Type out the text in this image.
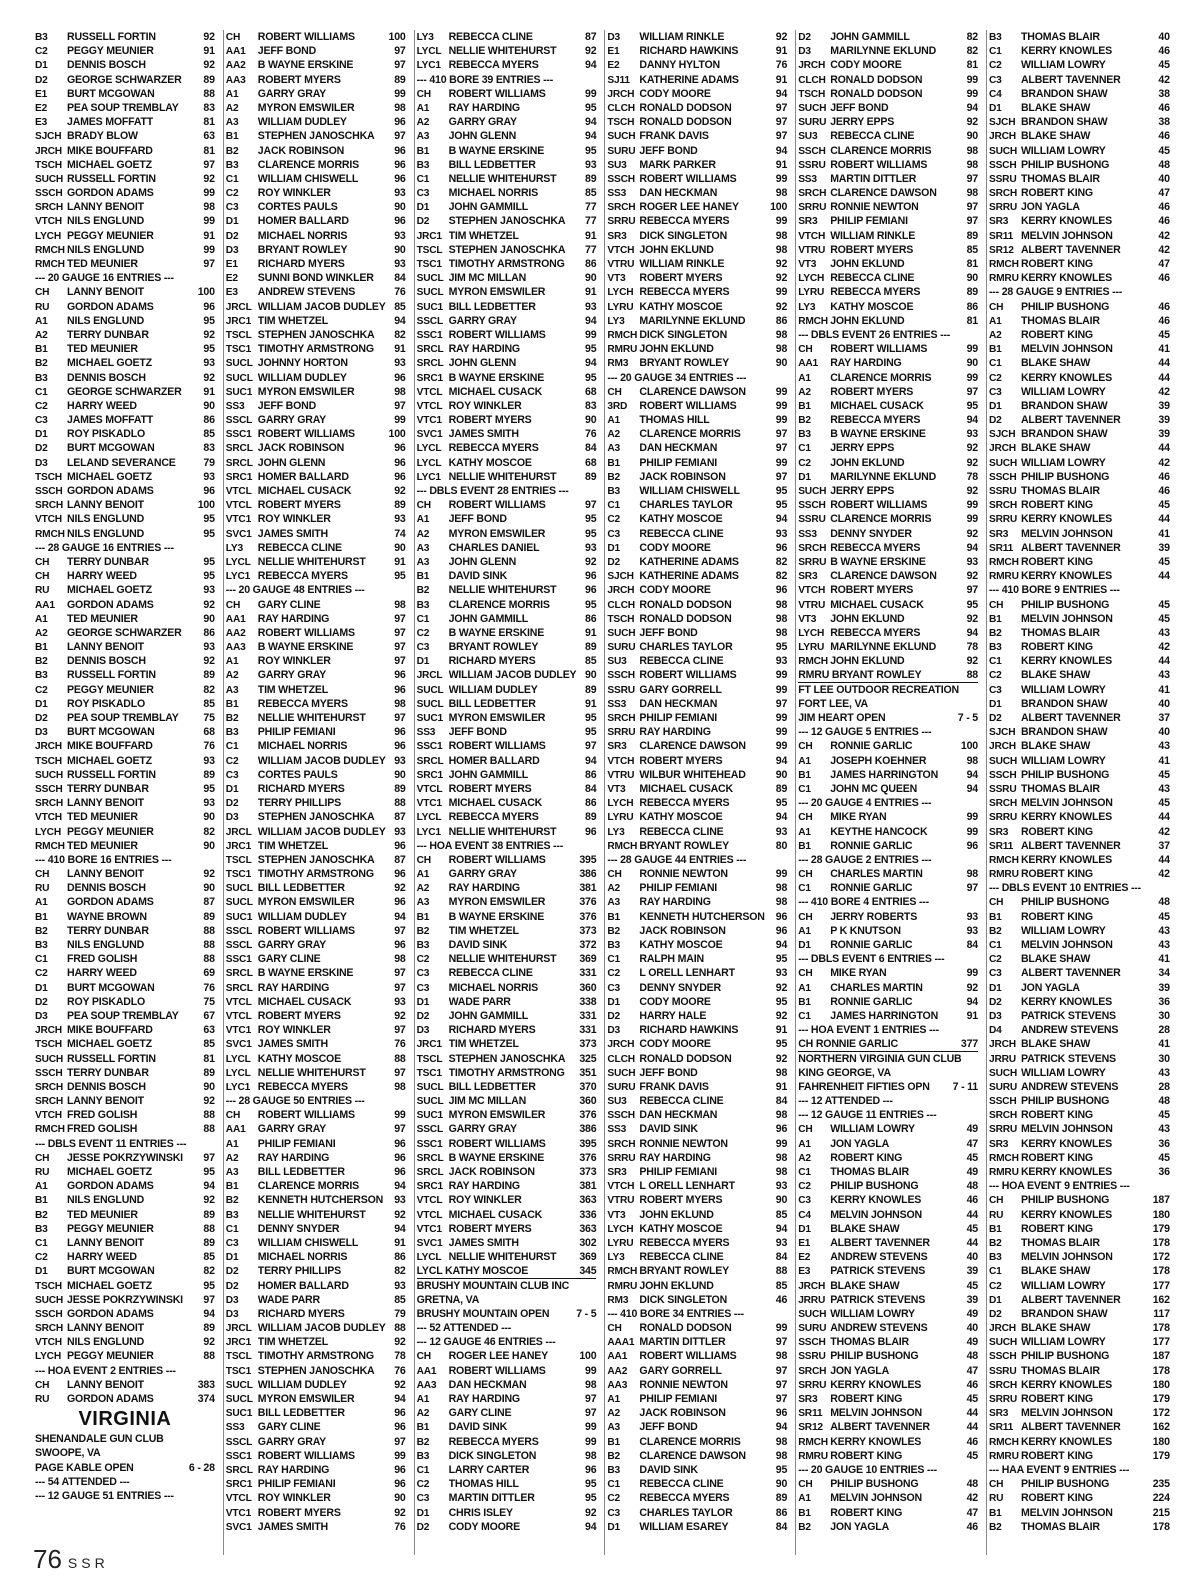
B3	RUSSELL FORTIN	92
C2	PEGGY MEUNIER	91
D1	DENNIS BOSCH	92
D2	GEORGE SCHWARZER	89
E1	BURT MCGOWAN	88
E2	PEA SOUP TREMBLAY	83
E3	JAMES MOFFATT	81
SJCH BRADY BLOW	63
JRCH MIKE BOUFFARD	81
TSCH MICHAEL GOETZ	97
SUCH RUSSELL FORTIN	92
SSCH GORDON ADAMS	99
SRCH LANNY BENOIT	98
VTCH NILS ENGLUND	99
LYCH PEGGY MEUNIER	91
RMCH NILS ENGLUND	99
RMCH TED MEUNIER	97
--- 20 GAUGE 16 ENTRIES ---
CH	LANNY BENOIT	100
RU	GORDON ADAMS	96
A1	NILS ENGLUND	95
A2	TERRY DUNBAR	92
B1	TED MEUNIER	95
B2	MICHAEL GOETZ	93
B3	DENNIS BOSCH	92
C1	GEORGE SCHWARZER	91
C2	HARRY WEED	90
C3	JAMES MOFFATT	86
D1	ROY PISKADLO	85
D2	BURT MCGOWAN	83
D3	LELAND SEVERANCE	79
TSCH MICHAEL GOETZ	93
SSCH GORDON ADAMS	96
SRCH LANNY BENOIT	100
VTCH NILS ENGLUND	95
RMCH NILS ENGLUND	95
--- 28 GAUGE 16 ENTRIES ---
CH	TERRY DUNBAR	95
CH	HARRY WEED	95
RU	MICHAEL GOETZ	93
AA1	GORDON ADAMS	92
A1	TED MEUNIER	90
A2	GEORGE SCHWARZER	86
B1	LANNY BENOIT	93
B2	DENNIS BOSCH	92
B3	RUSSELL FORTIN	89
C2	PEGGY MEUNIER	82
D1	ROY PISKADLO	85
D2	PEA SOUP TREMBLAY	75
D3	BURT MCGOWAN	68
JRCH MIKE BOUFFARD	76
TSCH MICHAEL GOETZ	93
SUCH RUSSELL FORTIN	89
SSCH TERRY DUNBAR	95
SRCH LANNY BENOIT	93
VTCH TED MEUNIER	90
LYCH PEGGY MEUNIER	82
RMCH TED MEUNIER	90
--- 410 BORE 16 ENTRIES ---
CH	LANNY BENOIT	92
RU	DENNIS BOSCH	90
A1	GORDON ADAMS	87
B1	WAYNE BROWN	89
B2	TERRY DUNBAR	88
B3	NILS ENGLUND	88
C1	FRED GOLISH	88
C2	HARRY WEED	69
D1	BURT MCGOWAN	76
D2	ROY PISKADLO	75
D3	PEA SOUP TREMBLAY	67
JRCH MIKE BOUFFARD	63
TSCH MICHAEL GOETZ	85
SUCH RUSSELL FORTIN	81
SSCH TERRY DUNBAR	89
SRCH DENNIS BOSCH	90
SRCH LANNY BENOIT	92
VTCH FRED GOLISH	88
RMCH FRED GOLISH	88
--- DBLS EVENT 11 ENTRIES ---
CH	JESSE POKRZYWINSKI	97
RU	MICHAEL GOETZ	95
A1	GORDON ADAMS	94
B1	NILS ENGLUND	92
B2	TED MEUNIER	89
B3	PEGGY MEUNIER	88
C1	LANNY BENOIT	89
C2	HARRY WEED	85
D1	BURT MCGOWAN	82
TSCH MICHAEL GOETZ	95
SUCH JESSE POKRZYWINSKI	97
SSCH GORDON ADAMS	94
SRCH LANNY BENOIT	89
VTCH NILS ENGLUND	92
LYCH PEGGY MEUNIER	88
--- HOA EVENT 2 ENTRIES ---
CH	LANNY BENOIT	383
RU	GORDON ADAMS	374
VIRGINIA
SHENANDALE GUN CLUB
SWOOPE, VA
PAGE KABLE OPEN	6 - 28
--- 54 ATTENDED ---
--- 12 GAUGE 51 ENTRIES ---
CH	ROBERT WILLIAMS	100
AA1	JEFF BOND	97
AA2	B WAYNE ERSKINE	97
AA3	ROBERT MYERS	89
A1	GARRY GRAY	99
A2	MYRON EMSWILER	98
A3	WILLIAM DUDLEY	96
B1	STEPHEN JANOSCHKA	97
B2	JACK ROBINSON	96
B3	CLARENCE MORRIS	96
C1	WILLIAM CHISWELL	96
C2	ROY WINKLER	93
C3	CORTES PAULS	90
D1	HOMER BALLARD	96
D2	MICHAEL NORRIS	93
D3	BRYANT ROWLEY	90
E1	RICHARD MYERS	93
E2	SUNNI BOND WINKLER	84
E3	ANDREW STEVENS	76
JRCL WILLIAM JACOB DUDLEY 85
JRC1 TIM WHETZEL	94
TSCL STEPHEN JANOSCHKA	82
TSC1 TIMOTHY ARMSTRONG	91
SUCL JOHNNY HORTON	93
SUCL WILLIAM DUDLEY	96
SUC1 MYRON EMSWILER	98
SS3	JEFF BOND	97
SSCL GARRY GRAY	99
SSC1 ROBERT WILLIAMS	100
SRCL JACK ROBINSON	96
SRCL JOHN GLENN	96
SRC1 HOMER BALLARD	96
VTCL MICHAEL CUSACK	92
VTCL ROBERT MYERS	89
VTC1 ROY WINKLER	93
SVC1 JAMES SMITH	74
LY3	REBECCA CLINE	90
LYCL NELLIE WHITEHURST	91
LYC1 REBECCA MYERS	95
--- 20 GAUGE 48 ENTRIES ---
CH	GARY CLINE	98
AA1	RAY HARDING	97
AA2	ROBERT WILLIAMS	97
AA3	B WAYNE ERSKINE	97
A1	ROY WINKLER	97
A2	GARRY GRAY	96
A3	TIM WHETZEL	96
B1	REBECCA MYERS	98
B2	NELLIE WHITEHURST	97
B3	PHILIP FEMIANI	96
C1	MICHAEL NORRIS	96
C2	WILLIAM JACOB DUDLEY 93
C3	CORTES PAULS	90
D1	RICHARD MYERS	89
D2	TERRY PHILLIPS	88
D3	STEPHEN JANOSCHKA	87
JRCL WILLIAM JACOB DUDLEY 93
JRC1 TIM WHETZEL	96
TSCL STEPHEN JANOSCHKA	87
TSC1 TIMOTHY ARMSTRONG	96
SUCL BILL LEDBETTER	92
SUCL MYRON EMSWILER	96
SUC1 WILLIAM DUDLEY	94
SSCL ROBERT WILLIAMS	97
SSCL GARRY GRAY	96
SSC1 GARY CLINE	98
SRCL B WAYNE ERSKINE	97
SRCL RAY HARDING	97
VTCL MICHAEL CUSACK	93
VTCL ROBERT MYERS	92
VTC1 ROY WINKLER	97
SVC1 JAMES SMITH	76
LYCL KATHY MOSCOE	88
LYCL NELLIE WHITEHURST	97
LYC1 REBECCA MYERS	98
--- 28 GAUGE 50 ENTRIES ---
CH	ROBERT WILLIAMS	99
AA1	GARRY GRAY	97
A1	PHILIP FEMIANI	96
A2	RAY HARDING	96
A3	BILL LEDBETTER	96
B1	CLARENCE MORRIS	94
B2	KENNETH HUTCHERSON	93
B3	NELLIE WHITEHURST	92
C1	DENNY SNYDER	94
C3	WILLIAM CHISWELL	91
D1	MICHAEL NORRIS	86
D2	TERRY PHILLIPS	82
D2	HOMER BALLARD	93
D3	WADE PARR	85
D3	RICHARD MYERS	79
JRCL WILLIAM JACOB DUDLEY 88
JRC1 TIM WHETZEL	92
TSCL TIMOTHY ARMSTRONG	78
TSC1 STEPHEN JANOSCHKA	76
SUCL WILLIAM DUDLEY	92
SUCL MYRON EMSWILER	94
SUC1 BILL LEDBETTER	96
SS3	GARY CLINE	96
SSCL GARRY GRAY	97
SSC1 ROBERT WILLIAMS	99
SRCL RAY HARDING	96
SRC1 PHILIP FEMIANI	96
VTCL ROY WINKLER	90
VTC1 ROBERT MYERS	92
SVC1 JAMES SMITH	76
LY3	REBECCA CLINE	87
LYCL NELLIE WHITEHURST	92
LYC1 REBECCA MYERS	94
--- 410 BORE 39 ENTRIES ---
CH	ROBERT WILLIAMS	99
A1	RAY HARDING	95
A2	GARRY GRAY	94
A3	JOHN GLENN	94
B1	B WAYNE ERSKINE	95
B3	BILL LEDBETTER	93
C1	NELLIE WHITEHURST	89
C3	MICHAEL NORRIS	85
D1	JOHN GAMMILL	77
D2	STEPHEN JANOSCHKA	77
JRC1 TIM WHETZEL	91
TSCL STEPHEN JANOSCHKA	77
TSC1 TIMOTHY ARMSTRONG	86
SUCL JIM MC MILLAN	90
SUCL MYRON EMSWILER	91
SUC1 BILL LEDBETTER	93
SSCL GARRY GRAY	94
SSC1 ROBERT WILLIAMS	99
SRCL RAY HARDING	95
SRCL JOHN GLENN	94
SRC1 B WAYNE ERSKINE	95
VTCL MICHAEL CUSACK	68
VTCL ROY WINKLER	83
VTC1 ROBERT MYERS	90
SVC1 JAMES SMITH	76
LYCL REBECCA MYERS	84
LYCL KATHY MOSCOE	68
LYC1 NELLIE WHITEHURST	89
--- DBLS EVENT 28 ENTRIES ---
CH	ROBERT WILLIAMS	97
A1	JEFF BOND	95
A2	MYRON EMSWILER	95
A3	CHARLES DANIEL	93
A3	JOHN GLENN	92
B1	DAVID SINK	96
B2	NELLIE WHITEHURST	96
B3	CLARENCE MORRIS	95
C1	JOHN GAMMILL	86
C2	B WAYNE ERSKINE	91
C3	BRYANT ROWLEY	89
D1	RICHARD MYERS	85
JRCL WILLIAM JACOB DUDLEY 90
SUCL WILLIAM DUDLEY	89
SUCL BILL LEDBETTER	91
SUC1 MYRON EMSWILER	95
SS3	JEFF BOND	95
SSC1 ROBERT WILLIAMS	97
SRCL HOMER BALLARD	94
SRC1 JOHN GAMMILL	86
VTCL ROBERT MYERS	84
VTC1 MICHAEL CUSACK	86
LYCL REBECCA MYERS	89
LYC1 NELLIE WHITEHURST	96
--- HOA EVENT 38 ENTRIES ---
CH	ROBERT WILLIAMS	395
A1	GARRY GRAY	386
A2	RAY HARDING	381
A3	MYRON EMSWILER	376
B1	B WAYNE ERSKINE	376
B2	TIM WHETZEL	373
B3	DAVID SINK	372
C2	NELLIE WHITEHURST	369
C3	REBECCA CLINE	331
C3	MICHAEL NORRIS	360
D1	WADE PARR	338
D2	JOHN GAMMILL	331
D3	RICHARD MYERS	331
JRC1 TIM WHETZEL	373
TSCL STEPHEN JANOSCHKA	325
TSC1 TIMOTHY ARMSTRONG	351
SUCL BILL LEDBETTER	370
SUCL JIM MC MILLAN	360
SUC1 MYRON EMSWILER	376
SSCL GARRY GRAY	386
SSC1 ROBERT WILLIAMS	395
SRCL B WAYNE ERSKINE	376
SRCL JACK ROBINSON	373
SRC1 RAY HARDING	381
VTCL ROY WINKLER	363
VTCL MICHAEL CUSACK	336
VTC1 ROBERT MYERS	363
SVC1 JAMES SMITH	302
LYCL NELLIE WHITEHURST	369
LYCL KATHY MOSCOE	345
BRUSHY MOUNTAIN CLUB INC
GRETNA, VA
BRUSHY MOUNTAIN OPEN	7 - 5
--- 52 ATTENDED ---
--- 12 GAUGE 46 ENTRIES ---
CH	ROGER LEE HANEY	100
AA1	ROBERT WILLIAMS	99
AA3	DAN HECKMAN	98
A1	RAY HARDING	97
A2	GARY CLINE	97
B1	DAVID SINK	99
B2	REBECCA MYERS	99
B3	DICK SINGLETON	98
C1	LARRY CARTER	96
C2	THOMAS HILL	95
C3	MARTIN DITTLER	95
D1	CHRIS ISLEY	92
D2	CODY MOORE	94
D3	WILLIAM RINKLE	92
E1	RICHARD HAWKINS	91
E2	DANNY HYLTON	76
SJ11 KATHERINE ADAMS	91
JRCH CODY MOORE	94
CLCH RONALD DODSON	97
TSCH RONALD DODSON	97
SUCH FRANK DAVIS	97
SURU JEFF BOND	94
SU3	MARK PARKER	91
SSCH ROBERT WILLIAMS	99
SS3	DAN HECKMAN	98
SRCH ROGER LEE HANEY	100
SRRU REBECCA MYERS	99
SR3	DICK SINGLETON	98
VTCH JOHN EKLUND	98
VTRU WILLIAM RINKLE	92
VT3	ROBERT MYERS	92
LYCH REBECCA MYERS	99
LYRU KATHY MOSCOE	92
LY3	MARILYNNE EKLUND	86
RMCH DICK SINGLETON	98
RMRU JOHN EKLUND	98
RM3	BRYANT ROWLEY	90
--- 20 GAUGE 34 ENTRIES ---
CH	CLARENCE DAWSON	99
3RD	ROBERT WILLIAMS	99
A1	THOMAS HILL	99
A2	CLARENCE MORRIS	97
A3	DAN HECKMAN	97
B1	PHILIP FEMIANI	99
B2	JACK ROBINSON	97
B3	WILLIAM CHISWELL	95
C1	CHARLES TAYLOR	95
C2	KATHY MOSCOE	94
C3	REBECCA CLINE	93
D1	CODY MOORE	96
D2	KATHERINE ADAMS	82
SJCH KATHERINE ADAMS	82
JRCH CODY MOORE	96
CLCH RONALD DODSON	98
TSCH RONALD DODSON	98
SUCH JEFF BOND	98
SURU CHARLES TAYLOR	95
SU3	REBECCA CLINE	93
SSCH ROBERT WILLIAMS	99
SSRU GARY GORRELL	99
SS3	DAN HECKMAN	97
SRCH PHILIP FEMIANI	99
SRRU RAY HARDING	99
SR3	CLARENCE DAWSON	99
VTCH ROBERT MYERS	94
VTRU WILBUR WHITEHEAD	90
VT3	MICHAEL CUSACK	89
LYCH REBECCA MYERS	95
LYRU KATHY MOSCOE	94
LY3	REBECCA CLINE	93
RMCH BRYANT ROWLEY	80
--- 28 GAUGE 44 ENTRIES ---
CH	RONNIE NEWTON	99
A2	PHILIP FEMIANI	98
A3	RAY HARDING	98
B1	KENNETH HUTCHERSON	96
B2	JACK ROBINSON	96
B3	KATHY MOSCOE	94
C1	RALPH MAIN	95
C2	L ORELL LENHART	93
C3	DENNY SNYDER	92
D1	CODY MOORE	95
D2	HARRY HALE	92
D3	RICHARD HAWKINS	91
JRCH CODY MOORE	95
CLCH RONALD DODSON	92
SUCH JEFF BOND	98
SURU FRANK DAVIS	91
SU3	REBECCA CLINE	84
SSCH DAN HECKMAN	98
SS3	DAVID SINK	96
SRCH RONNIE NEWTON	99
SRRU RAY HARDING	98
SR3	PHILIP FEMIANI	98
VTCH L ORELL LENHART	93
VTRU ROBERT MYERS	90
VT3	JOHN EKLUND	85
LYCH KATHY MOSCOE	94
LYRU REBECCA MYERS	93
LY3	REBECCA CLINE	84
RMCH BRYANT ROWLEY	88
RMRU JOHN EKLUND	85
RM3	DICK SINGLETON	46
--- 410 BORE 34 ENTRIES ---
CH	RONALD DODSON	99
AAA1 MARTIN DITTLER	97
AA1	ROBERT WILLIAMS	98
AA2	GARY GORRELL	97
AA3	RONNIE NEWTON	97
A1	PHILIP FEMIANI	97
A2	JACK ROBINSON	96
A3	JEFF BOND	94
B1	CLARENCE MORRIS	98
B2	CLARENCE DAWSON	98
B3	DAVID SINK	95
C1	REBECCA CLINE	90
C2	REBECCA MYERS	89
C3	CHARLES TAYLOR	86
D1	WILLIAM ESAREY	84
D2	JOHN GAMMILL	82
D3	MARILYNNE EKLUND	82
JRCH CODY MOORE	81
CLCH RONALD DODSON	99
TSCH RONALD DODSON	99
SUCH JEFF BOND	94
SURU JERRY EPPS	92
SU3	REBECCA CLINE	90
SSCH CLARENCE MORRIS	98
SSRU ROBERT WILLIAMS	98
SS3	MARTIN DITTLER	97
SRCH CLARENCE DAWSON	98
SRRU RONNIE NEWTON	97
SR3	PHILIP FEMIANI	97
VTCH WILLIAM RINKLE	89
VTRU ROBERT MYERS	85
VT3	JOHN EKLUND	81
LYCH REBECCA CLINE	90
LYRU REBECCA MYERS	89
LY3	KATHY MOSCOE	86
RMCH JOHN EKLUND	81
--- DBLS EVENT 26 ENTRIES ---
CH	ROBERT WILLIAMS	99
AA1	RAY HARDING	90
A1	CLARENCE MORRIS	99
A2	ROBERT MYERS	97
B1	MICHAEL CUSACK	95
B2	REBECCA MYERS	94
B3	B WAYNE ERSKINE	93
C1	JERRY EPPS	92
C2	JOHN EKLUND	92
D1	MARILYNNE EKLUND	78
SUCH JERRY EPPS	92
SSCH ROBERT WILLIAMS	99
SSRU CLARENCE MORRIS	99
SS3	DENNY SNYDER	92
SRCH REBECCA MYERS	94
SRRU B WAYNE ERSKINE	93
SR3	CLARENCE DAWSON	92
VTCH ROBERT MYERS	97
VTRU MICHAEL CUSACK	95
VT3	JOHN EKLUND	92
LYCH REBECCA MYERS	94
LYRU MARILYNNE EKLUND	78
RMCH JOHN EKLUND	92
RMRU BRYANT ROWLEY	88
FT LEE OUTDOOR RECREATION
FORT LEE, VA
JIM HEART OPEN	7 - 5
--- 12 GAUGE 5 ENTRIES ---
CH	RONNIE GARLIC	100
A1	JOSEPH KOEHNER	98
B1	JAMES HARRINGTON	94
C1	JOHN MC QUEEN	94
--- 20 GAUGE 4 ENTRIES ---
CH	MIKE RYAN	99
A1	KEYTHE HANCOCK	99
B1	RONNIE GARLIC	96
--- 28 GAUGE 2 ENTRIES ---
CH	CHARLES MARTIN	98
C1	RONNIE GARLIC	97
--- 410 BORE 4 ENTRIES ---
CH	JERRY ROBERTS	93
A1	P K KNUTSON	93
D1	RONNIE GARLIC	84
--- DBLS EVENT 6 ENTRIES ---
CH	MIKE RYAN	99
A1	CHARLES MARTIN	92
B1	RONNIE GARLIC	94
C1	JAMES HARRINGTON	91
--- HOA EVENT 1 ENTRIES ---
CH RONNIE GARLIC	377
NORTHERN VIRGINIA GUN CLUB
KING GEORGE, VA
FAHRENHEIT FIFTIES OPN	7 - 11
--- 12 ATTENDED ---
--- 12 GAUGE 11 ENTRIES ---
CH	WILLIAM LOWRY	49
A1	JON YAGLA	47
A2	ROBERT KING	45
C1	THOMAS BLAIR	49
C2	PHILIP BUSHONG	48
C3	KERRY KNOWLES	46
C4	MELVIN JOHNSON	44
D1	BLAKE SHAW	45
E1	ALBERT TAVENNER	44
E2	ANDREW STEVENS	40
E3	PATRICK STEVENS	39
JRCH BLAKE SHAW	45
JRRU PATRICK STEVENS	39
SUCH WILLIAM LOWRY	49
SURU ANDREW STEVENS	40
SSCH THOMAS BLAIR	49
SSRU PHILIP BUSHONG	48
SRCH JON YAGLA	47
SRRU KERRY KNOWLES	46
SR3	ROBERT KING	45
SR11 MELVIN JOHNSON	44
SR12 ALBERT TAVENNER	44
RMCH KERRY KNOWLES	46
RMRU ROBERT KING	45
--- 20 GAUGE 10 ENTRIES ---
CH	PHILIP BUSHONG	48
A1	MELVIN JOHNSON	42
B1	ROBERT KING	47
B2	JON YAGLA	46
B3	THOMAS BLAIR	40
C1	KERRY KNOWLES	46
C2	WILLIAM LOWRY	45
C3	ALBERT TAVENNER	42
C4	BRANDON SHAW	38
D1	BLAKE SHAW	46
SJCH BRANDON SHAW	38
JRCH BLAKE SHAW	46
SUCH WILLIAM LOWRY	45
SSCH PHILIP BUSHONG	48
SSRU THOMAS BLAIR	40
SRCH ROBERT KING	47
SRRU JON YAGLA	46
SR3	KERRY KNOWLES	46
SR11 MELVIN JOHNSON	42
SR12 ALBERT TAVENNER	42
RMCH ROBERT KING	47
RMRU KERRY KNOWLES	46
--- 28 GAUGE 9 ENTRIES ---
CH	PHILIP BUSHONG	46
A1	THOMAS BLAIR	46
A2	ROBERT KING	45
B1	MELVIN JOHNSON	41
C1	BLAKE SHAW	44
C2	KERRY KNOWLES	44
C3	WILLIAM LOWRY	42
D1	BRANDON SHAW	39
D2	ALBERT TAVENNER	39
SJCH BRANDON SHAW	39
JRCH BLAKE SHAW	44
SUCH WILLIAM LOWRY	42
SSCH PHILIP BUSHONG	46
SSRU THOMAS BLAIR	46
SRCH ROBERT KING	45
SRRU KERRY KNOWLES	44
SR3	MELVIN JOHNSON	41
SR11 ALBERT TAVENNER	39
RMCH ROBERT KING	45
RMRU KERRY KNOWLES	44
--- 410 BORE 9 ENTRIES ---
CH	PHILIP BUSHONG	45
B1	MELVIN JOHNSON	45
B2	THOMAS BLAIR	43
B3	ROBERT KING	42
C1	KERRY KNOWLES	44
C2	BLAKE SHAW	43
C3	WILLIAM LOWRY	41
D1	BRANDON SHAW	40
D2	ALBERT TAVENNER	37
SJCH BRANDON SHAW	40
JRCH BLAKE SHAW	43
SUCH WILLIAM LOWRY	41
SSCH PHILIP BUSHONG	45
SSRU THOMAS BLAIR	43
SRCH MELVIN JOHNSON	45
SRRU KERRY KNOWLES	44
SR3	ROBERT KING	42
SR11 ALBERT TAVENNER	37
RMCH KERRY KNOWLES	44
RMRU ROBERT KING	42
--- DBLS EVENT 10 ENTRIES ---
CH	PHILIP BUSHONG	48
B1	ROBERT KING	45
B2	WILLIAM LOWRY	43
C1	MELVIN JOHNSON	43
C2	BLAKE SHAW	41
C3	ALBERT TAVENNER	34
D1	JON YAGLA	39
D2	KERRY KNOWLES	36
D3	PATRICK STEVENS	30
D4	ANDREW STEVENS	28
JRCH BLAKE SHAW	41
JRRU PATRICK STEVENS	30
SUCH WILLIAM LOWRY	43
SURU ANDREW STEVENS	28
SSCH PHILIP BUSHONG	48
SRCH ROBERT KING	45
SRRU MELVIN JOHNSON	43
SR3	KERRY KNOWLES	36
RMCH ROBERT KING	45
RMRU KERRY KNOWLES	36
--- HOA EVENT 9 ENTRIES ---
CH	PHILIP BUSHONG	187
RU	KERRY KNOWLES	180
B1	ROBERT KING	179
B2	THOMAS BLAIR	178
B3	MELVIN JOHNSON	172
C1	BLAKE SHAW	178
C2	WILLIAM LOWRY	177
D1	ALBERT TAVENNER	162
D2	BRANDON SHAW	117
JRCH BLAKE SHAW	178
SUCH WILLIAM LOWRY	177
SSCH PHILIP BUSHONG	187
SSRU THOMAS BLAIR	178
SRCH KERRY KNOWLES	180
SRRU ROBERT KING	179
SR3	MELVIN JOHNSON	172
SR11 ALBERT TAVENNER	162
RMCH KERRY KNOWLES	180
RMRU ROBERT KING	179
--- HAA EVENT 9 ENTRIES ---
CH	PHILIP BUSHONG	235
RU	ROBERT KING	224
B1	MELVIN JOHNSON	215
B2	THOMAS BLAIR	178
76 SSR
